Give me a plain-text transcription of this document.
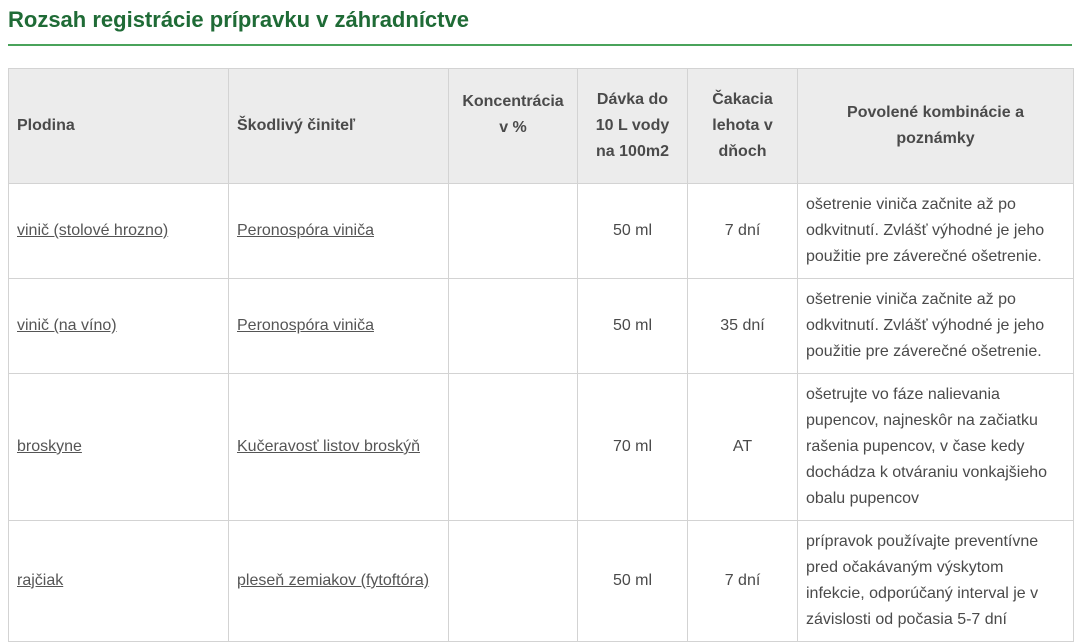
Rozsah registrácie prípravku v záhradníctve
Plodina	Škodlivý činiteľ	Koncentrácia v %	Dávka do 10 L vody na 100m2	Čakacia lehota v dňoch	Povolené kombinácie a poznámky
vinič (stolové hrozno)	Peronospóra viniča		50 ml	7 dní	ošetrenie viniča začnite až po odkvitnutí. Zvlášť výhodné je jeho použitie pre záverečné ošetrenie.
vinič (na víno)	Peronospóra viniča		50 ml	35 dní	ošetrenie viniča začnite až po odkvitnutí. Zvlášť výhodné je jeho použitie pre záverečné ošetrenie.
broskyne	Kučeravosť listov broskýň		70 ml	AT	ošetrujte vo fáze nalievania pupencov, najneskôr na začiatku rašenia pupencov, v čase kedy dochádza k otváraniu vonkajšieho obalu pupencov
rajčiak	pleseň zemiakov (fytoftóra)		50 ml	7 dní	prípravok používajte preventívne pred očakávaným výskytom infekcie, odporúčaný interval je v závislosti od počasia 5-7 dní
